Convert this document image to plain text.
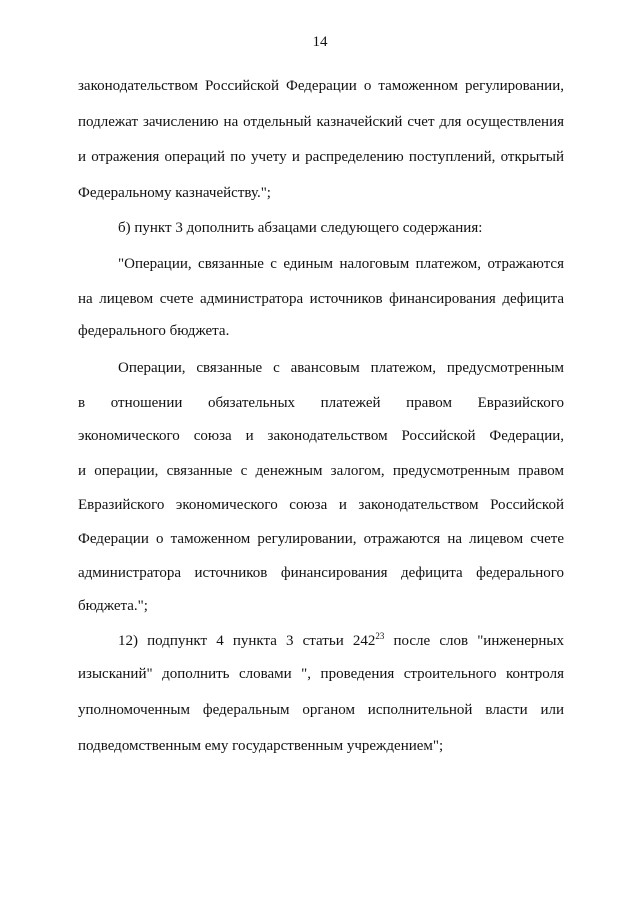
14
законодательством Российской Федерации о таможенном регулировании,
подлежат зачислению на отдельный казначейский счет для осуществления
и отражения операций по учету и распределению поступлений, открытый
Федеральному казначейству.";
б) пункт 3 дополнить абзацами следующего содержания:
"Операции, связанные с единым налоговым платежом, отражаются
на лицевом счете администратора источников финансирования дефицита
федерального бюджета.
Операции, связанные с авансовым платежом, предусмотренным
в отношении обязательных платежей правом Евразийского
экономического союза и законодательством Российской Федерации,
и операции, связанные с денежным залогом, предусмотренным правом
Евразийского экономического союза и законодательством Российской
Федерации о таможенном регулировании, отражаются на лицевом счете
администратора источников финансирования дефицита федерального
бюджета.";
12) подпункт 4 пункта 3 статьи $242^{23}$ после слов "инженерных
изысканий" дополнить словами ", проведения строительного контроля
уполномоченным федеральным органом исполнительной власти или
подведомственным ему государственным учреждением";
